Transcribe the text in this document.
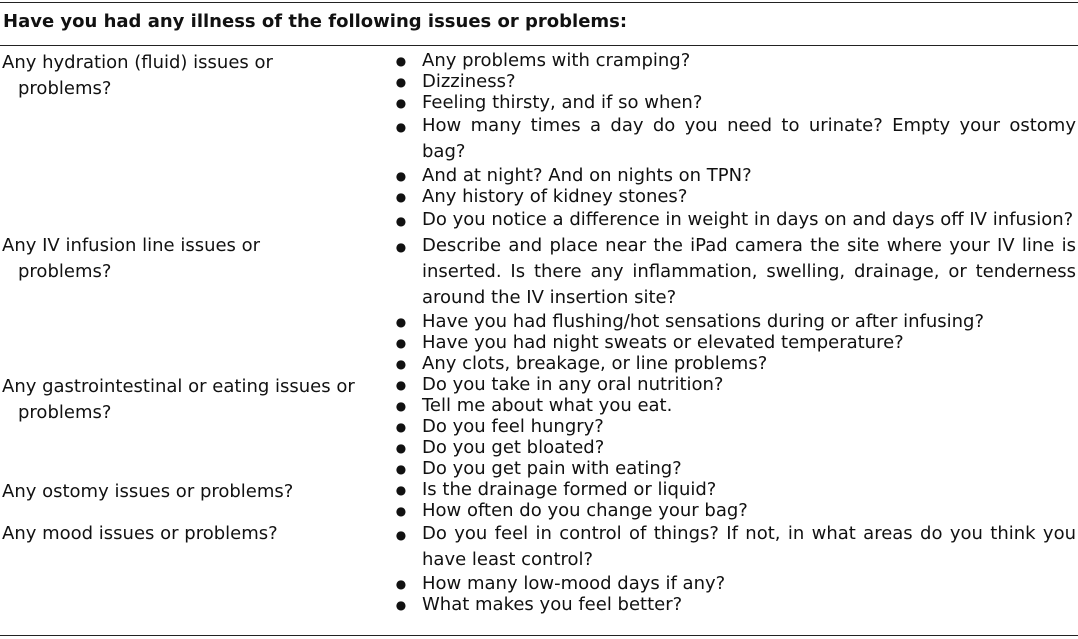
Have you had any illness of the following issues or problems:
Any hydration (fluid) issues or problems?
● Any problems with cramping?
● Dizziness?
● Feeling thirsty, and if so when?
● How many times a day do you need to urinate? Empty your ostomy bag?
● And at night? And on nights on TPN?
● Any history of kidney stones?
● Do you notice a difference in weight in days on and days off IV infusion?
Any IV infusion line issues or problems?
● Describe and place near the iPad camera the site where your IV line is inserted. Is there any inflammation, swelling, drainage, or tenderness around the IV insertion site?
● Have you had flushing/hot sensations during or after infusing?
● Have you had night sweats or elevated temperature?
● Any clots, breakage, or line problems?
Any gastrointestinal or eating issues or problems?
● Do you take in any oral nutrition?
● Tell me about what you eat.
● Do you feel hungry?
● Do you get bloated?
● Do you get pain with eating?
Any ostomy issues or problems?	● Is the drainage formed or liquid?
● How often do you change your bag?
Any mood issues or problems?	● Do you feel in control of things? If not, in what areas do you think you have least control?
● How many low-mood days if any?
● What makes you feel better?
